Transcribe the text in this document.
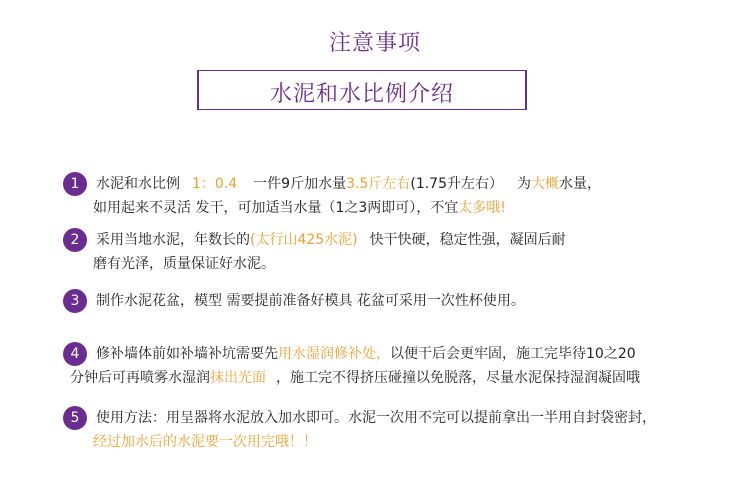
注意事项
水泥和水比例介绍
1	水泥和水比例 1：0.4 一件9斤加水量3.5斤左右(1.75升左右） 为大概水量，
如用起来不灵活 发干，可加适当水量（1之3两即可），不宜太多哦!
2	采用当地水泥，年数长的(太行山425水泥) 快干快硬，稳定性强，凝固后耐
磨有光泽，质量保证好水泥。
3	制作水泥花盆，模型 需要提前准备好模具 花盆可采用一次性杯使用。
4	修补墙体前如补墙补坑需要先用水湿润修补处，以便干后会更牢固，施工完毕待10之20
分钟后可再喷雾水湿润抹出光面 ，施工完不得挤压碰撞以免脱落，尽量水泥保持湿润凝固哦
5	使用方法：用呈器将水泥放入加水即可。水泥一次用不完可以提前拿出一半用自封袋密封，
经过加水后的水泥要一次用完哦！！
